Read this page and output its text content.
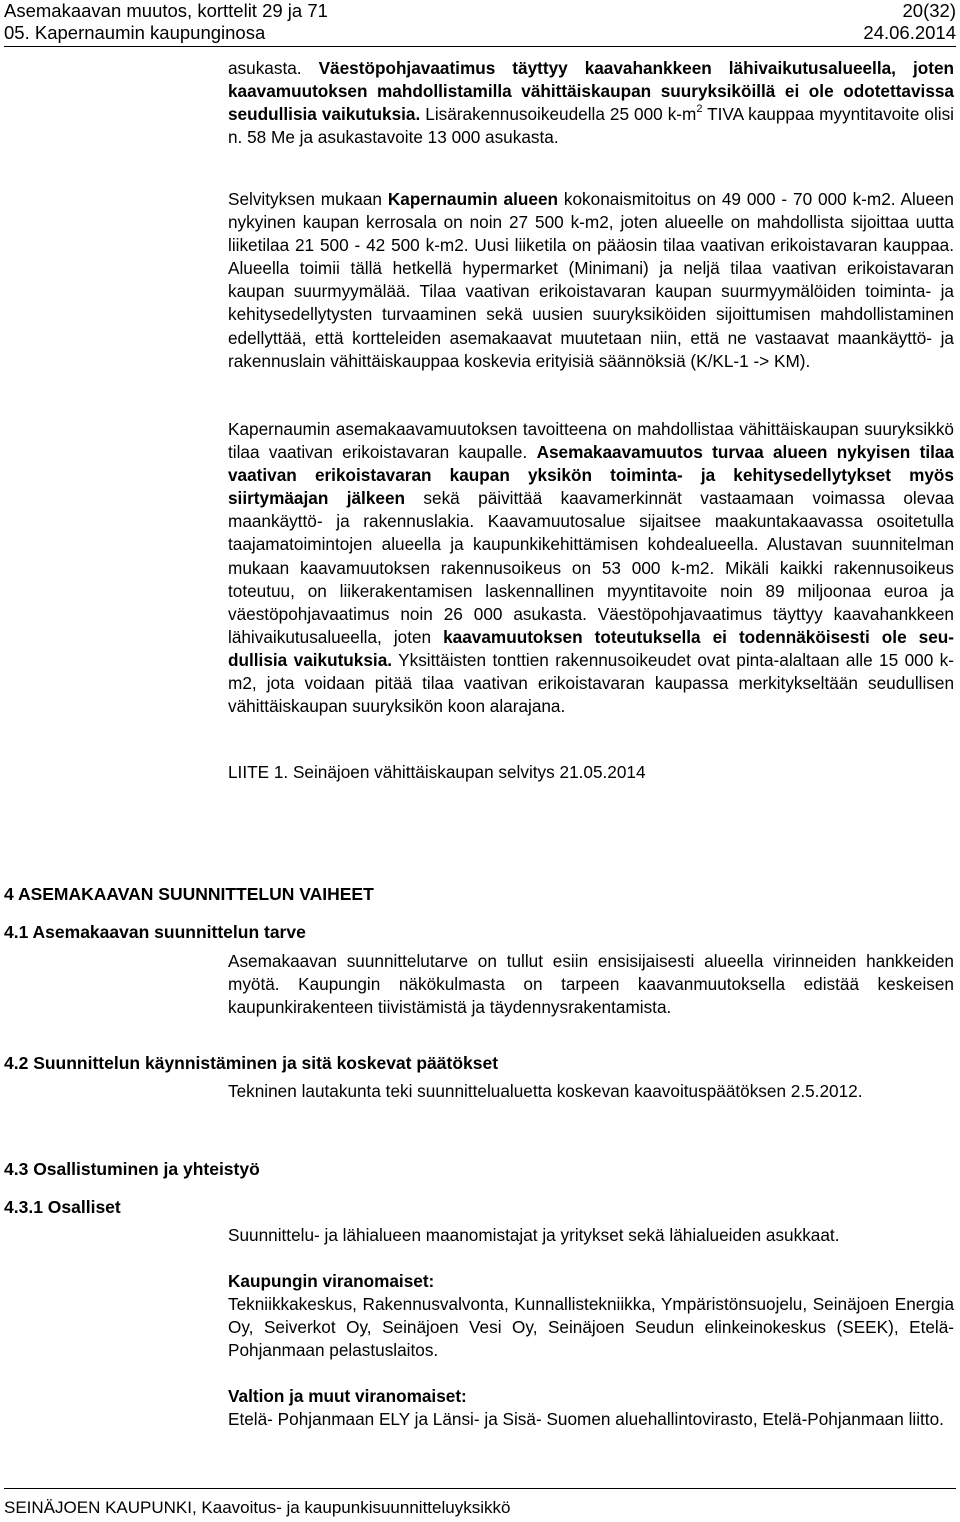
Asemakaavan muutos, korttelit 29 ja 71	20(32)
05. Kapernaumin kaupunginosa	24.06.2014

asukasta. Väestöpohjavaatimus täyttyy kaavahankkeen lähivaikutusalueella, joten kaavamuutoksen mahdollistamilla vähittäiskaupan suuryksiköillä ei ole odotettavissa seudullisia vaikutuksia. Lisärakennusoikeudella 25 000 $k-m^2$ TIVA kauppaa myyntitavoite olisi n. 58 Me ja asukastavoite 13 000 asukasta.

Selvityksen mukaan Kapernaumin alueen kokonaismitoitus on 49 000 - 70 000 k-m2. Alueen nykyinen kaupan kerrosala on noin 27 500 k-m2, joten alueelle on mahdollista sijoittaa uutta liiketilaa 21 500 - 42 500 k-m2. Uusi liiketila on pääosin tilaa vaativan erikoistavaran kauppaa. Alueella toimii tällä hetkellä hypermarket (Minimani) ja neljä tilaa vaativan erikoistavaran kaupan suurmyymälää. Tilaa vaativan erikoistavaran kaupan suurmyymälöiden toiminta- ja kehitysedellytysten turvaaminen sekä uusien suuryksiköiden sijoittumisen mahdollistaminen edellyttää, että kortteleiden asemakaavat muutetaan niin, että ne vastaavat maankäyttö- ja rakennuslain vähittäiskauppaa koskevia erityisiä säännöksiä (K/KL-1 -> KM).

Kapernaumin asemakaavamuutoksen tavoitteena on mahdollistaa vähittäiskaupan suuryksikkö tilaa vaativan erikoistavaran kaupalle. Asemakaavamuutos turvaa alueen nykyisen tilaa vaativan erikoistavaran kaupan yksikön toiminta- ja kehitysedellytykset myös siirtymäajan jälkeen sekä päivittää kaavamerkinnät vastaamaan voimassa olevaa maankäyttö- ja rakennuslakia. Kaavamuutosalue sijaitsee maakuntakaavassa osoitetulla taajamatoimintojen alueella ja kaupunkikehittämisen kohdealueella. Alustavan suunnitelman mukaan kaavamuutoksen rakennusoikeus on 53 000 k-m2. Mikäli kaikki rakennusoikeus toteutuu, on liikerakentamisen laskennallinen myyntitavoite noin 89 miljoonaa euroa ja väestöpohjavaatimus noin 26 000 asukasta. Väestöpohjavaatimus täyttyy kaavahankkeen lähivaikutusalueella, joten kaavamuutoksen toteutuksella ei todennäköisesti ole seudullisia vaikutuksia. Yksittäisten tonttien rakennusoikeudet ovat pinta-alaltaan alle 15 000 k-m2, jota voidaan pitää tilaa vaativan erikoistavaran kaupassa merkitykseltään seudullisen vähittäiskaupan suuryksikön koon alarajana.

LIITE 1. Seinäjoen vähittäiskaupan selvitys 21.05.2014

4 ASEMAKAAVAN SUUNNITTELUN VAIHEET
4.1 Asemakaavan suunnittelun tarve

Asemakaavan suunnittelutarve on tullut esiin ensisijaisesti alueella virinneiden hankkeiden myötä. Kaupungin näkökulmasta on tarpeen kaavanmuutoksella edistää keskeisen kaupunkirakenteen tiivistämistä ja täydennysrakentamista.

4.2 Suunnittelun käynnistäminen ja sitä koskevat päätökset

Tekninen lautakunta teki suunnittelualuetta koskevan kaavoituspäätöksen 2.5.2012.

4.3 Osallistuminen ja yhteistyö
4.3.1 Osalliset

Suunnittelu- ja lähialueen maanomistajat ja yritykset sekä lähialueiden asukkaat.

Kaupungin viranomaiset:
Tekniikkakeskus, Rakennusvalvonta, Kunnallistekniikka, Ympäristönsuojelu, Seinäjoen Energia Oy, Seiverkot Oy, Seinäjoen Vesi Oy, Seinäjoen Seudun elinkeinokeskus (SEEK), Etelä-Pohjanmaan pelastuslaitos.

Valtion ja muut viranomaiset:
Etelä- Pohjanmaan ELY ja Länsi- ja Sisä- Suomen aluehallintovirasto, Etelä-Pohjanmaan liitto.

SEINÄJOEN KAUPUNKI, Kaavoitus- ja kaupunkisuunnitteluyksikkö
